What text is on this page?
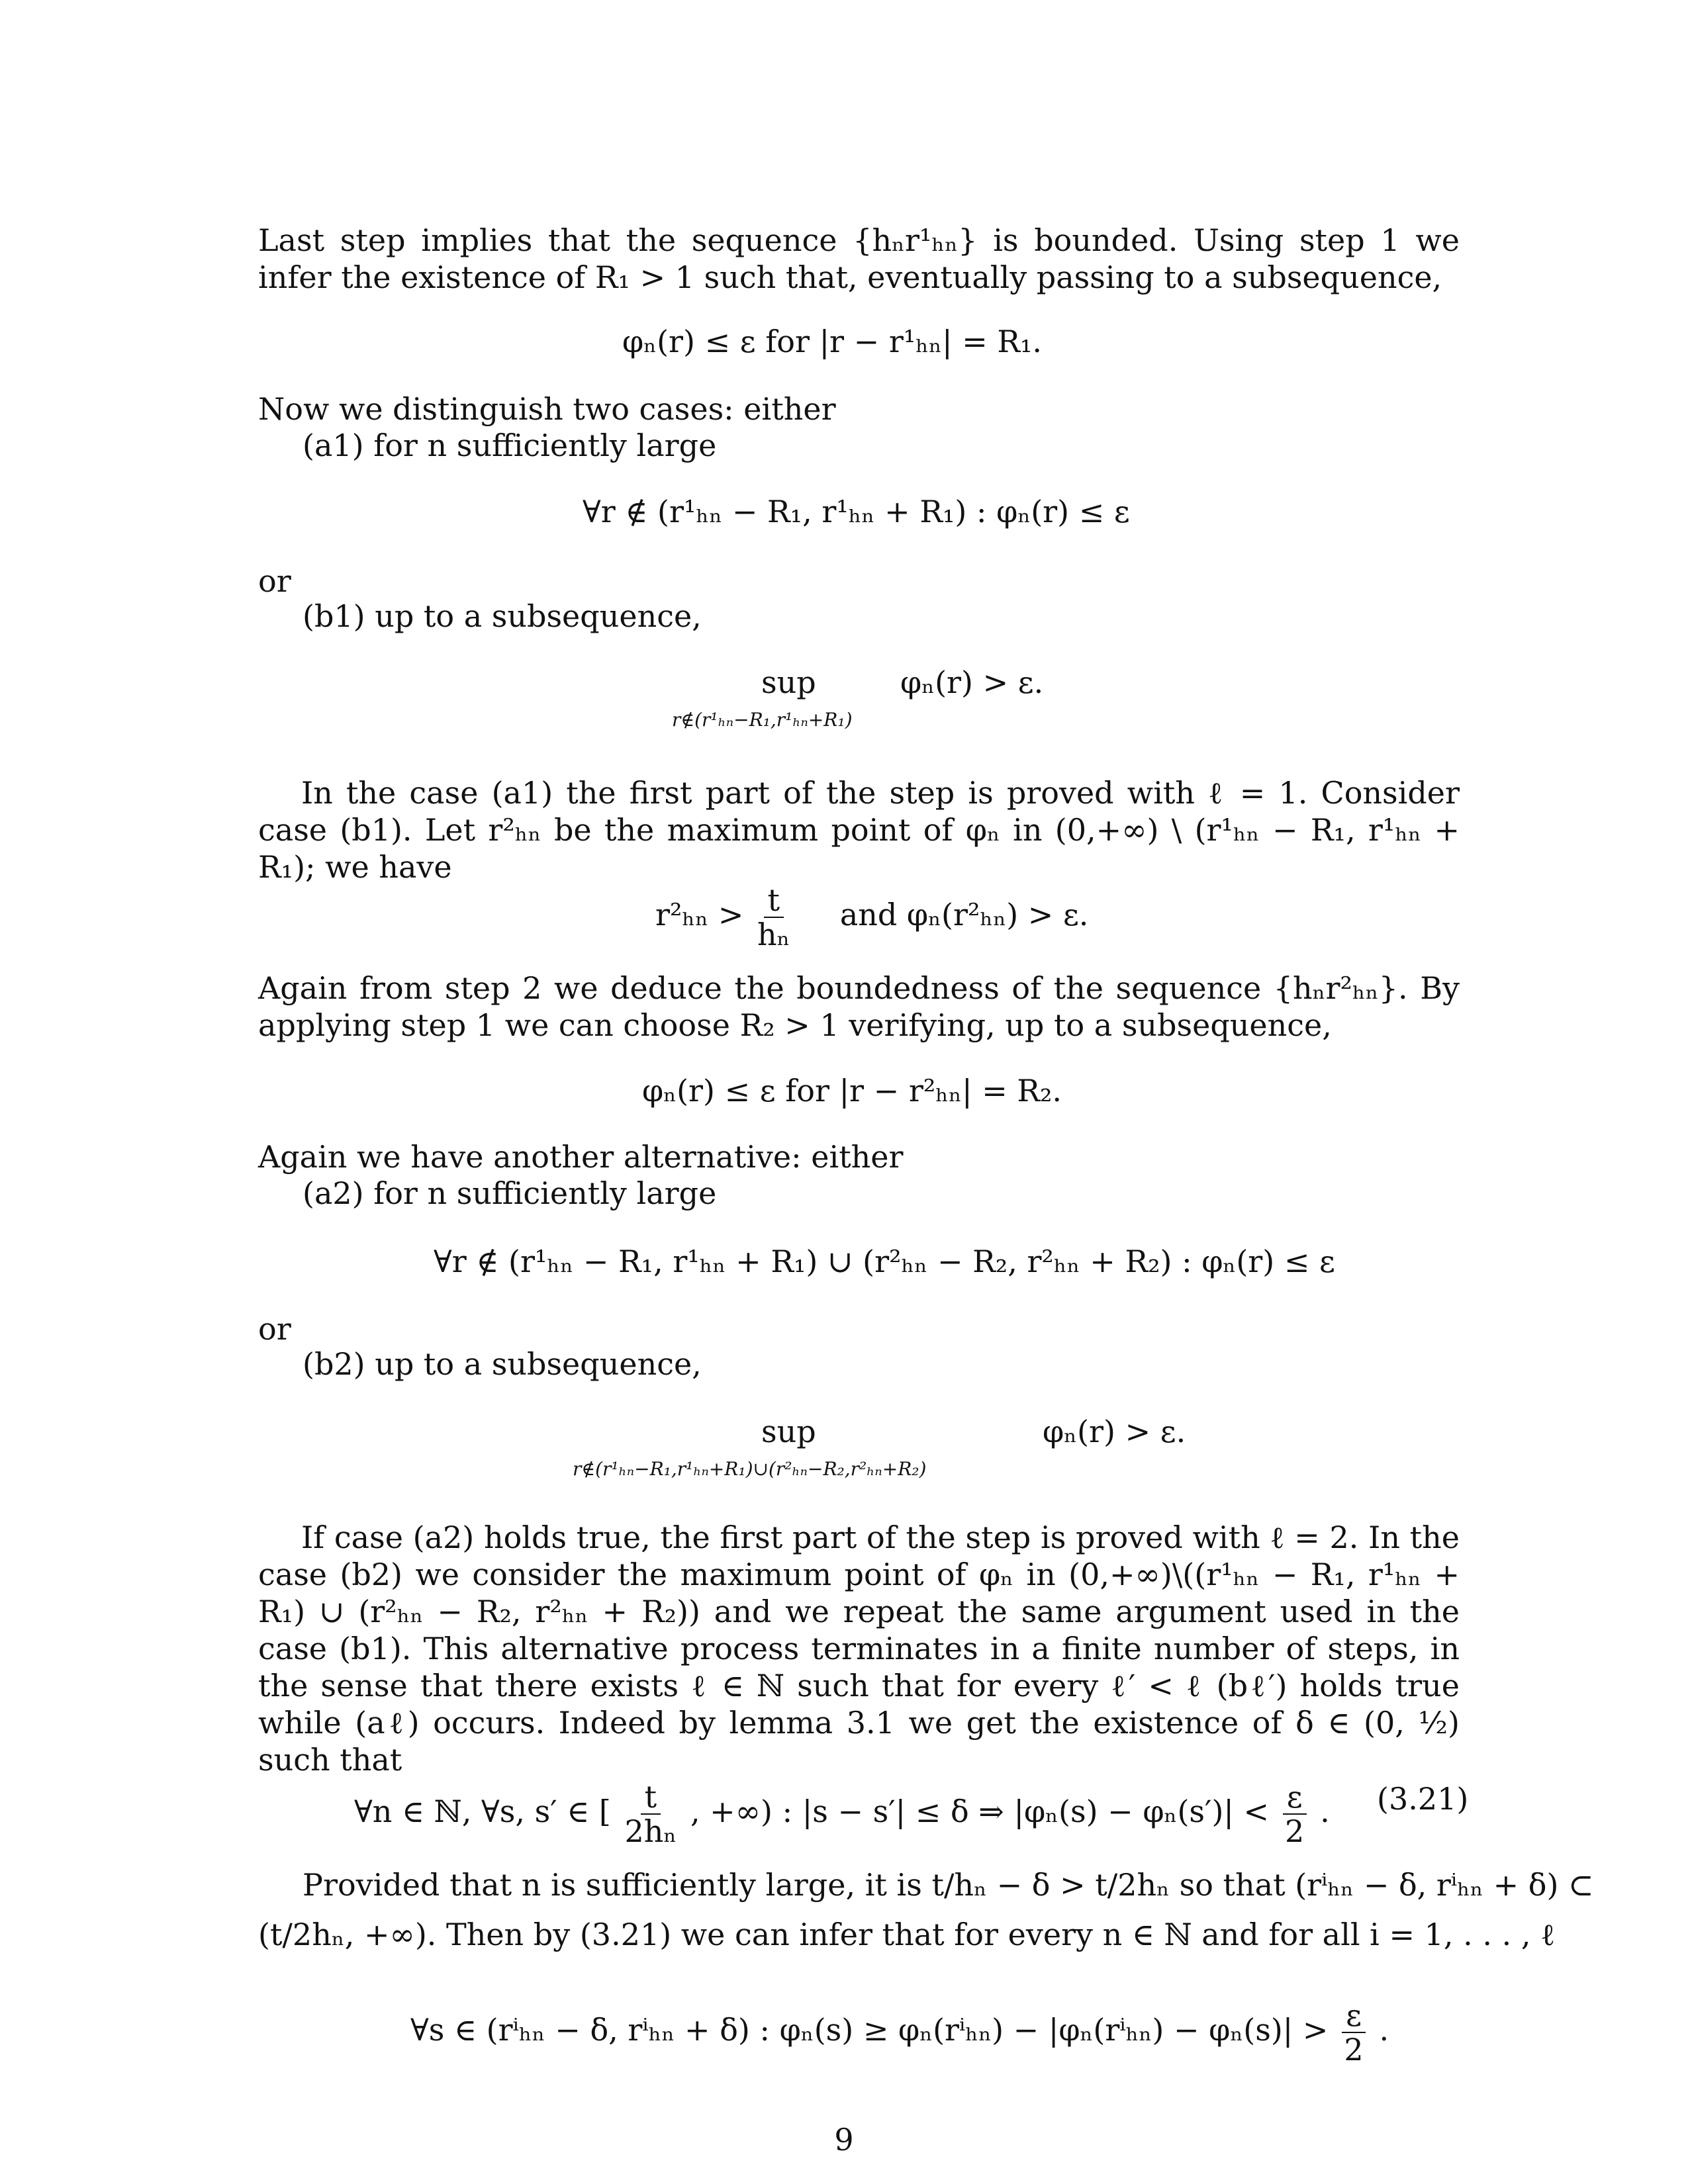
Last step implies that the sequence {hₙr¹ₕₙ} is bounded. Using step 1 we infer the existence of R₁ > 1 such that, eventually passing to a subsequence,
φₙ(r) ≤ ε for |r − r¹ₕₙ| = R₁.
Now we distinguish two cases: either
(a1) for n sufficiently large
∀r ∉ (r¹ₕₙ − R₁, r¹ₕₙ + R₁) : φₙ(r) ≤ ε
or
(b1) up to a subsequence,
sup
r∉(r¹ₕₙ−R₁,r¹ₕₙ+R₁)
φₙ(r) > ε.
In the case (a1) the first part of the step is proved with ℓ = 1. Consider case (b1). Let r²ₕₙ be the maximum point of φₙ in (0,+∞) \ (r¹ₕₙ − R₁, r¹ₕₙ + R₁); we have
$r^2_{hn} > \frac{t}{\text{hₙ}}$ and φₙ(r²ₕₙ) > ε.
Again from step 2 we deduce the boundedness of the sequence {hₙr²ₕₙ}. By applying step 1 we can choose R₂ > 1 verifying, up to a subsequence,
φₙ(r) ≤ ε for |r − r²ₕₙ| = R₂.
Again we have another alternative: either
(a2) for n sufficiently large
∀r ∉ (r¹ₕₙ − R₁, r¹ₕₙ + R₁) ∪ (r²ₕₙ − R₂, r²ₕₙ + R₂) : φₙ(r) ≤ ε
or
(b2) up to a subsequence,
sup
r∉(r¹ₕₙ−R₁,r¹ₕₙ+R₁)∪(r²ₕₙ−R₂,r²ₕₙ+R₂)
φₙ(r) > ε.
If case (a2) holds true, the first part of the step is proved with ℓ = 2. In the case (b2) we consider the maximum point of φₙ in (0,+∞)\((r¹ₕₙ − R₁, r¹ₕₙ + R₁) ∪ (r²ₕₙ − R₂, r²ₕₙ + R₂)) and we repeat the same argument used in the case (b1). This alternative process terminates in a finite number of steps, in the sense that there exists ℓ ∈ ℕ such that for every ℓ′ < ℓ (bℓ′) holds true while (aℓ) occurs. Indeed by lemma 3.1 we get the existence of δ ∈ (0, ½) such that
∀n ∈ ℕ, ∀s, s′ ∈ [ $\frac{t}{\text{2hₙ}}$ , +∞) : |s − s′| ≤ δ ⇒ $|\varphi_n(s) - \varphi_n(s')| < \frac{\varepsilon}{2}$ . (3.21)
Provided that n is sufficiently large, it is t/hₙ − δ > t/2hₙ so that (rⁱₕₙ − δ, rⁱₕₙ + δ) ⊂
(t/2hₙ, +∞). Then by (3.21) we can infer that for every n ∈ ℕ and for all i = 1, . . . , ℓ
∀s ∈ (rⁱₕₙ − δ, rⁱₕₙ + δ) : $\varphi_n(s) \ge \varphi_n(r^i_{hn}) - |\varphi_n(r^i_{hn}) - \varphi_n(s)| > \frac{\varepsilon}{2}$ .
9
